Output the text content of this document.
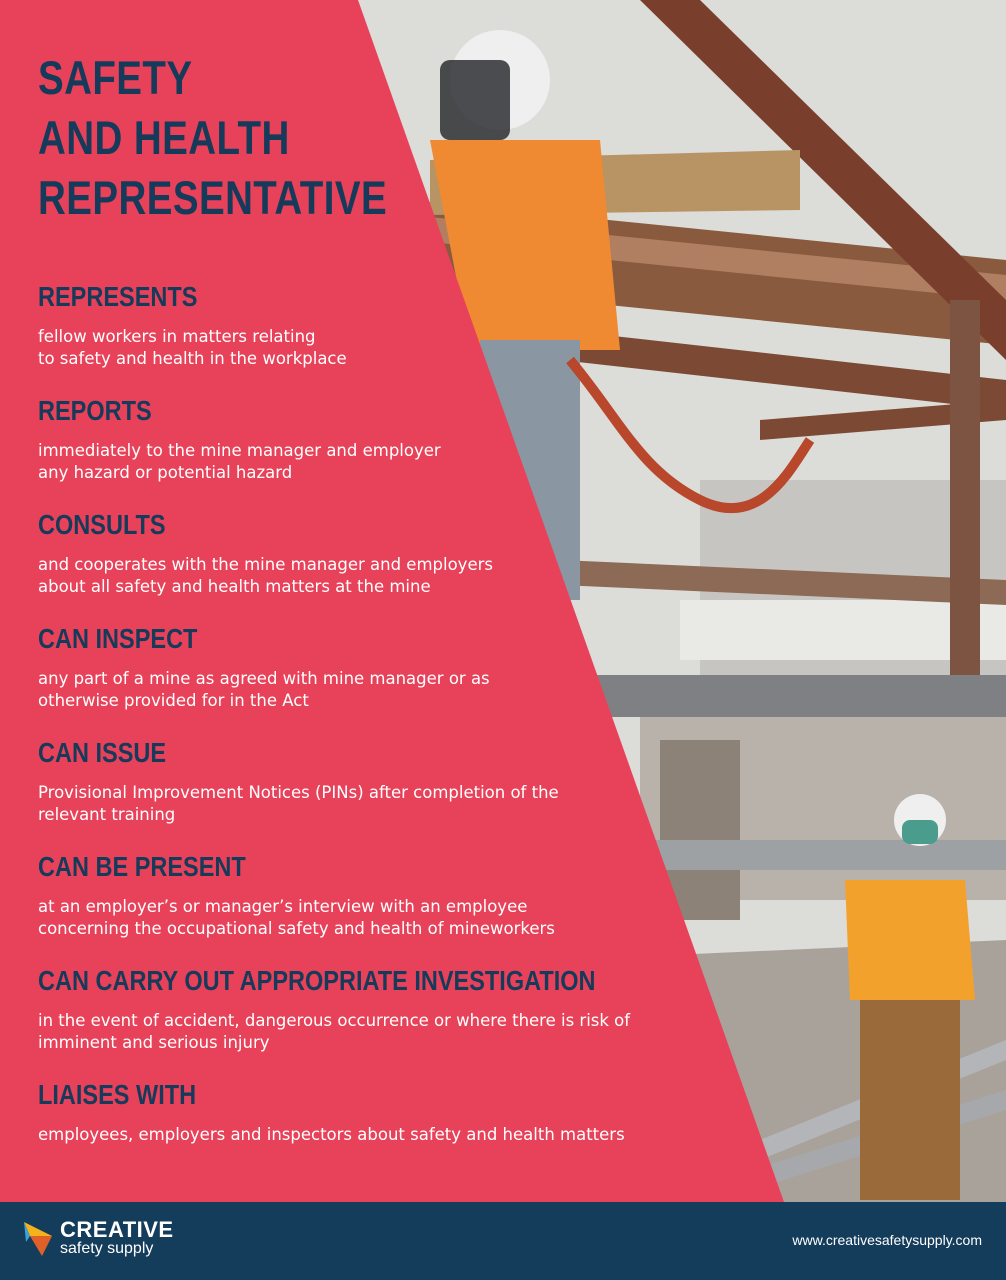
SAFETY
AND HEALTH
REPRESENTATIVE
REPRESENTS

fellow workers in matters relating
to safety and health in the workplace

REPORTS

immediately to the mine manager and employer
any hazard or potential hazard

CONSULTS

and cooperates with the mine manager and employers
about all safety and health matters at the mine

CAN INSPECT

any part of a mine as agreed with mine manager or as
otherwise provided for in the Act

CAN ISSUE

Provisional Improvement Notices (PINs) after completion of the
relevant training

CAN BE PRESENT

at an employer’s or manager’s interview with an employee
concerning the occupational safety and health of mineworkers

CAN CARRY OUT APPROPRIATE INVESTIGATION

in the event of accident, dangerous occurrence or where there is risk of
imminent and serious injury

LIAISES WITH

employees, employers and inspectors about safety and health matters

CREATIVE

safety supply	www.creativesafetysupply.com
